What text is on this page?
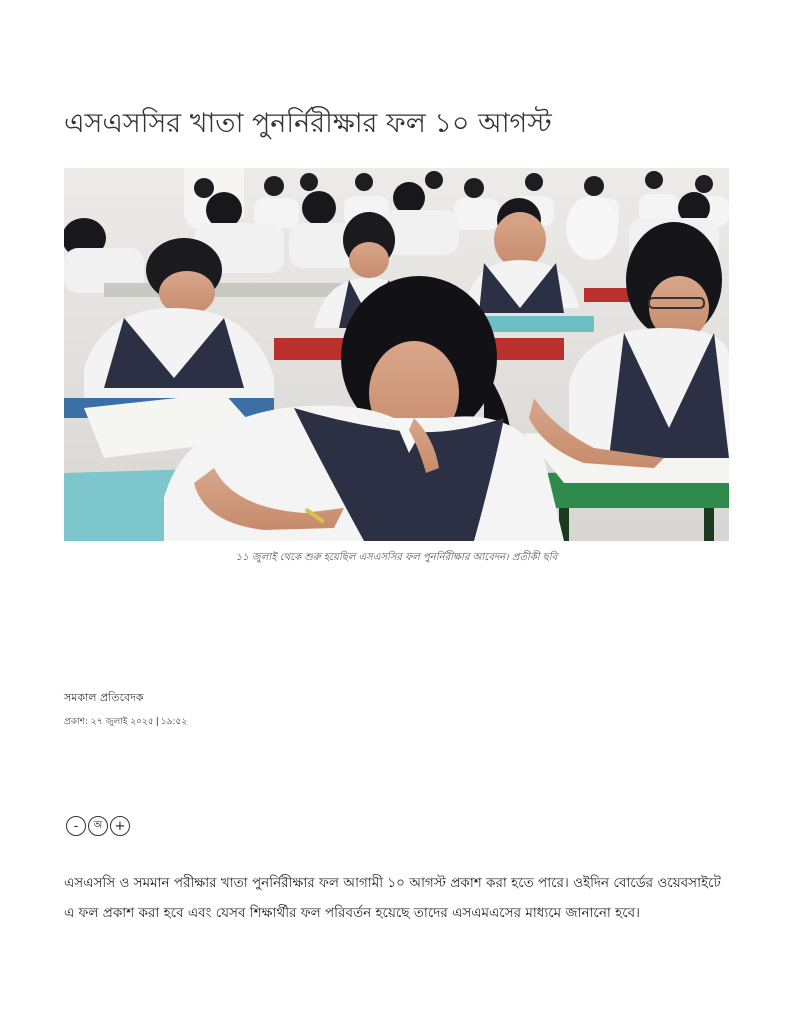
এসএসসির খাতা পুনর্নিরীক্ষার ফল ১০ আগস্ট
১১ জুলাই থেকে শুরু হয়েছিল এসএসসির ফল পুনর্নিরীক্ষার আবেদন। প্রতীকী ছবি
সমকাল প্রতিবেদক
প্রকাশ: ২৭ জুলাই ২০২৫ | ১৯:৫২
-	অ +

এসএসসি ও সমমান পরীক্ষার খাতা পুনর্নিরীক্ষার ফল আগামী ১০ আগস্ট প্রকাশ করা হতে পারে। ওইদিন বোর্ডের ওয়েবসাইটে এ ফল প্রকাশ করা হবে এবং যেসব শিক্ষার্থীর ফল পরিবর্তন হয়েছে তাদের এসএমএসের মাধ্যমে জানানো হবে।
